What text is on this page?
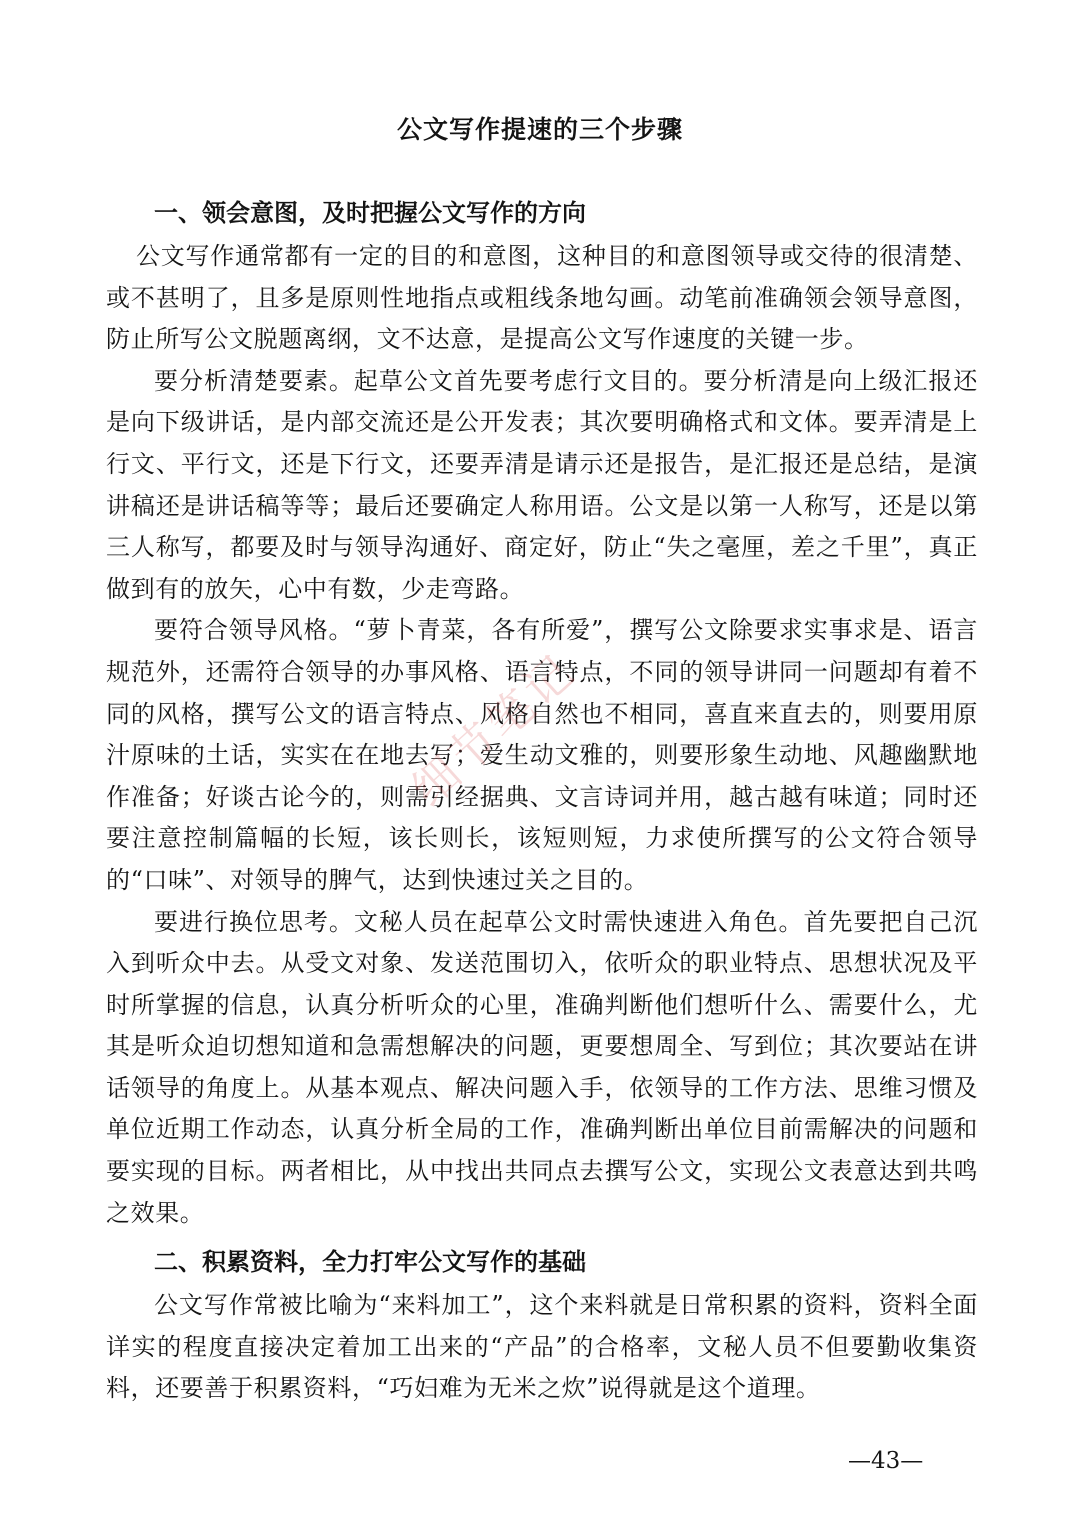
公文写作提速的三个步骤
一、领会意图，及时把握公文写作的方向

公文写作通常都有一定的目的和意图，这种目的和意图领导或交待的很清楚、或不甚明了，且多是原则性地指点或粗线条地勾画。动笔前准确领会领导意图，防止所写公文脱题离纲，文不达意，是提高公文写作速度的关键一步。

要分析清楚要素。起草公文首先要考虑行文目的。要分析清是向上级汇报还是向下级讲话，是内部交流还是公开发表；其次要明确格式和文体。要弄清是上行文、平行文，还是下行文，还要弄清是请示还是报告，是汇报还是总结，是演讲稿还是讲话稿等等；最后还要确定人称用语。公文是以第一人称写，还是以第三人称写，都要及时与领导沟通好、商定好，防止“失之毫厘，差之千里”，真正做到有的放矢，心中有数，少走弯路。

要符合领导风格。“萝卜青菜，各有所爱”，撰写公文除要求实事求是、语言规范外，还需符合领导的办事风格、语言特点，不同的领导讲同一问题却有着不同的风格，撰写公文的语言特点、风格自然也不相同，喜直来直去的，则要用原汁原味的土话，实实在在地去写；爱生动文雅的，则要形象生动地、风趣幽默地作准备；好谈古论今的，则需引经据典、文言诗词并用，越古越有味道；同时还要注意控制篇幅的长短，该长则长，该短则短，力求使所撰写的公文符合领导的“口味”、对领导的脾气，达到快速过关之目的。

要进行换位思考。文秘人员在起草公文时需快速进入角色。首先要把自己沉入到听众中去。从受文对象、发送范围切入，依听众的职业特点、思想状况及平时所掌握的信息，认真分析听众的心里，准确判断他们想听什么、需要什么，尤其是听众迫切想知道和急需想解决的问题，更要想周全、写到位；其次要站在讲话领导的角度上。从基本观点、解决问题入手，依领导的工作方法、思维习惯及单位近期工作动态，认真分析全局的工作，准确判断出单位目前需解决的问题和要实现的目标。两者相比，从中找出共同点去撰写公文，实现公文表意达到共鸣之效果。

二、积累资料，全力打牢公文写作的基础

公文写作常被比喻为“来料加工”，这个来料就是日常积累的资料，资料全面详实的程度直接决定着加工出来的“产品”的合格率，文秘人员不但要勤收集资料，还要善于积累资料，“巧妇难为无米之炊”说得就是这个道理。

细节笔记
—43—
